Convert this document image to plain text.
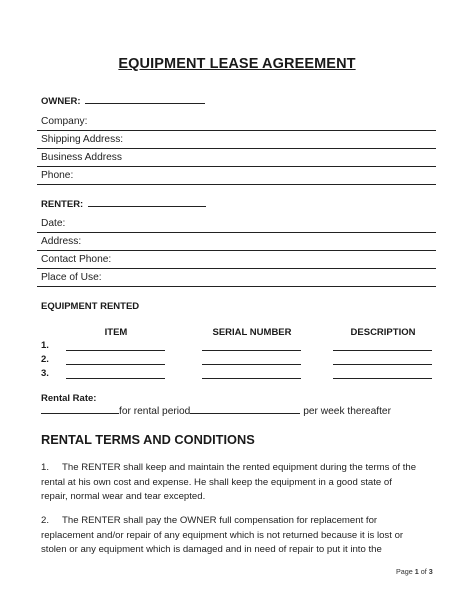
EQUIPMENT LEASE AGREEMENT
OWNER:
Company:
Shipping Address:
Business Address
Phone:
RENTER:
Date:
Address:
Contact Phone:
Place of Use:
EQUIPMENT RENTED
ITEM	SERIAL NUMBER	DESCRIPTION
1.
2.
3.
Rental Rate:
for rental period	per week thereafter
RENTAL TERMS AND CONDITIONS
1. The RENTER shall keep and maintain the rented equipment during the terms of the
rental at his own cost and expense. He shall keep the equipment in a good state of
repair, normal wear and tear excepted.
2. The RENTER shall pay the OWNER full compensation for replacement for
replacement and/or repair of any equipment which is not returned because it is lost or
stolen or any equipment which is damaged and in need of repair to put it into the
Page 1 of 3
